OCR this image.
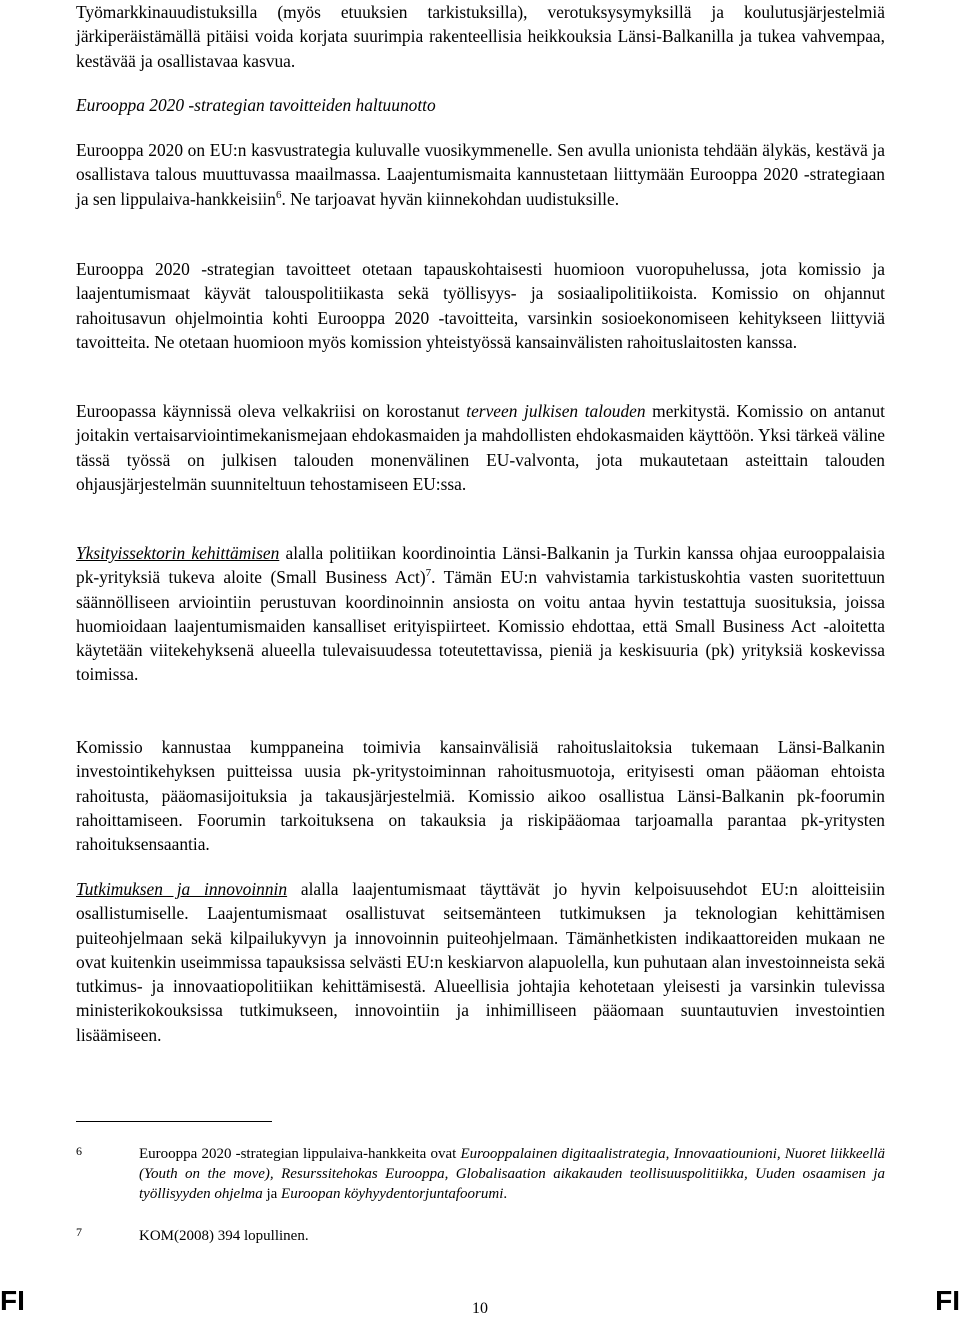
Työmarkkinauudistuksilla (myös etuuksien tarkistuksilla), verotuksysymyksillä ja koulutusjärjestelmiä järkiperäistämällä pitäisi voida korjata suurimpia rakenteellisia heikkouksia Länsi-Balkanilla ja tukea vahvempaa, kestävää ja osallistavaa kasvua.

Eurooppa 2020 -strategian tavoitteiden haltuunotto

Eurooppa 2020 on EU:n kasvustrategia kuluvalle vuosikymmenelle. Sen avulla unionista tehdään älykäs, kestävä ja osallistava talous muuttuvassa maailmassa. Laajentumismaita kannustetaan liittymään Eurooppa 2020 -strategiaan ja sen lippulaiva-hankkeisiin$^6$. Ne tarjoavat hyvän kiinnekohdan uudistuksille.

Eurooppa 2020 -strategian tavoitteet otetaan tapauskohtaisesti huomioon vuoropuhelussa, jota komissio ja laajentumismaat käyvät talouspolitiikasta sekä työllisyys- ja sosiaalipolitiikoista. Komissio on ohjannut rahoitusavun ohjelmointia kohti Eurooppa 2020 -tavoitteita, varsinkin sosioekonomiseen kehitykseen liittyviä tavoitteita. Ne otetaan huomioon myös komission yhteistyössä kansainvälisten rahoituslaitosten kanssa.

Euroopassa käynnissä oleva velkakriisi on korostanut terveen julkisen talouden merkitystä. Komissio on antanut joitakin vertaisarviointimekanismejaan ehdokasmaiden ja mahdollisten ehdokasmaiden käyttöön. Yksi tärkeä väline tässä työssä on julkisen talouden monenvälinen EU-valvonta, jota mukautetaan asteittain talouden ohjausjärjestelmän suunniteltuun tehostamiseen EU:ssa.

Yksityissektorin kehittämisen alalla politiikan koordinointia Länsi-Balkanin ja Turkin kanssa ohjaa eurooppalaisia pk-yrityksiä tukeva aloite (Small Business Act)$^7$. Tämän EU:n vahvistamia tarkistuskohtia vasten suoritettuun säännölliseen arviointiin perustuvan koordinoinnin ansiosta on voitu antaa hyvin testattuja suosituksia, joissa huomioidaan laajentumismaiden kansalliset erityispiirteet. Komissio ehdottaa, että Small Business Act -aloitetta käytetään viitekehyksenä alueella tulevaisuudessa toteutettavissa, pieniä ja keskisuuria (pk) yrityksiä koskevissa toimissa.

Komissio kannustaa kumppaneina toimivia kansainvälisiä rahoituslaitoksia tukemaan Länsi-Balkanin investointikehyksen puitteissa uusia pk-yritystoiminnan rahoitusmuotoja, erityisesti oman pääoman ehtoista rahoitusta, pääomasijoituksia ja takausjärjestelmiä. Komissio aikoo osallistua Länsi-Balkanin pk-foorumin rahoittamiseen. Foorumin tarkoituksena on takauksia ja riskipääomaa tarjoamalla parantaa pk-yritysten rahoituksensaantia.

Tutkimuksen ja innovoinnin alalla laajentumismaat täyttävät jo hyvin kelpoisuusehdot EU:n aloitteisiin osallistumiselle. Laajentumismaat osallistuvat seitsemänteen tutkimuksen ja teknologian kehittämisen puiteohjelmaan sekä kilpailukyvyn ja innovoinnin puiteohjelmaan. Tämänhetkisten indikaattoreiden mukaan ne ovat kuitenkin useimmissa tapauksissa selvästi EU:n keskiarvon alapuolella, kun puhutaan alan investoinneista sekä tutkimus- ja innovaatiopolitiikan kehittämisestä. Alueellisia johtajia kehotetaan yleisesti ja varsinkin tulevissa ministerikokouksissa tutkimukseen, innovointiin ja inhimilliseen pääomaan suuntautuvien investointien lisäämiseen.

6	Eurooppa 2020 -strategian lippulaiva-hankkeita ovat Eurooppalainen digitaalistrategia, Innovaatiounioni, Nuoret liikkeellä (Youth on the move), Resurssitehokas Eurooppa, Globalisaation aikakauden teollisuuspolitiikka, Uuden osaamisen ja työllisyyden ohjelma ja Euroopan köyhyydentorjuntafoorumi.
7	KOM(2008) 394 lopullinen.
FI	10	FI
